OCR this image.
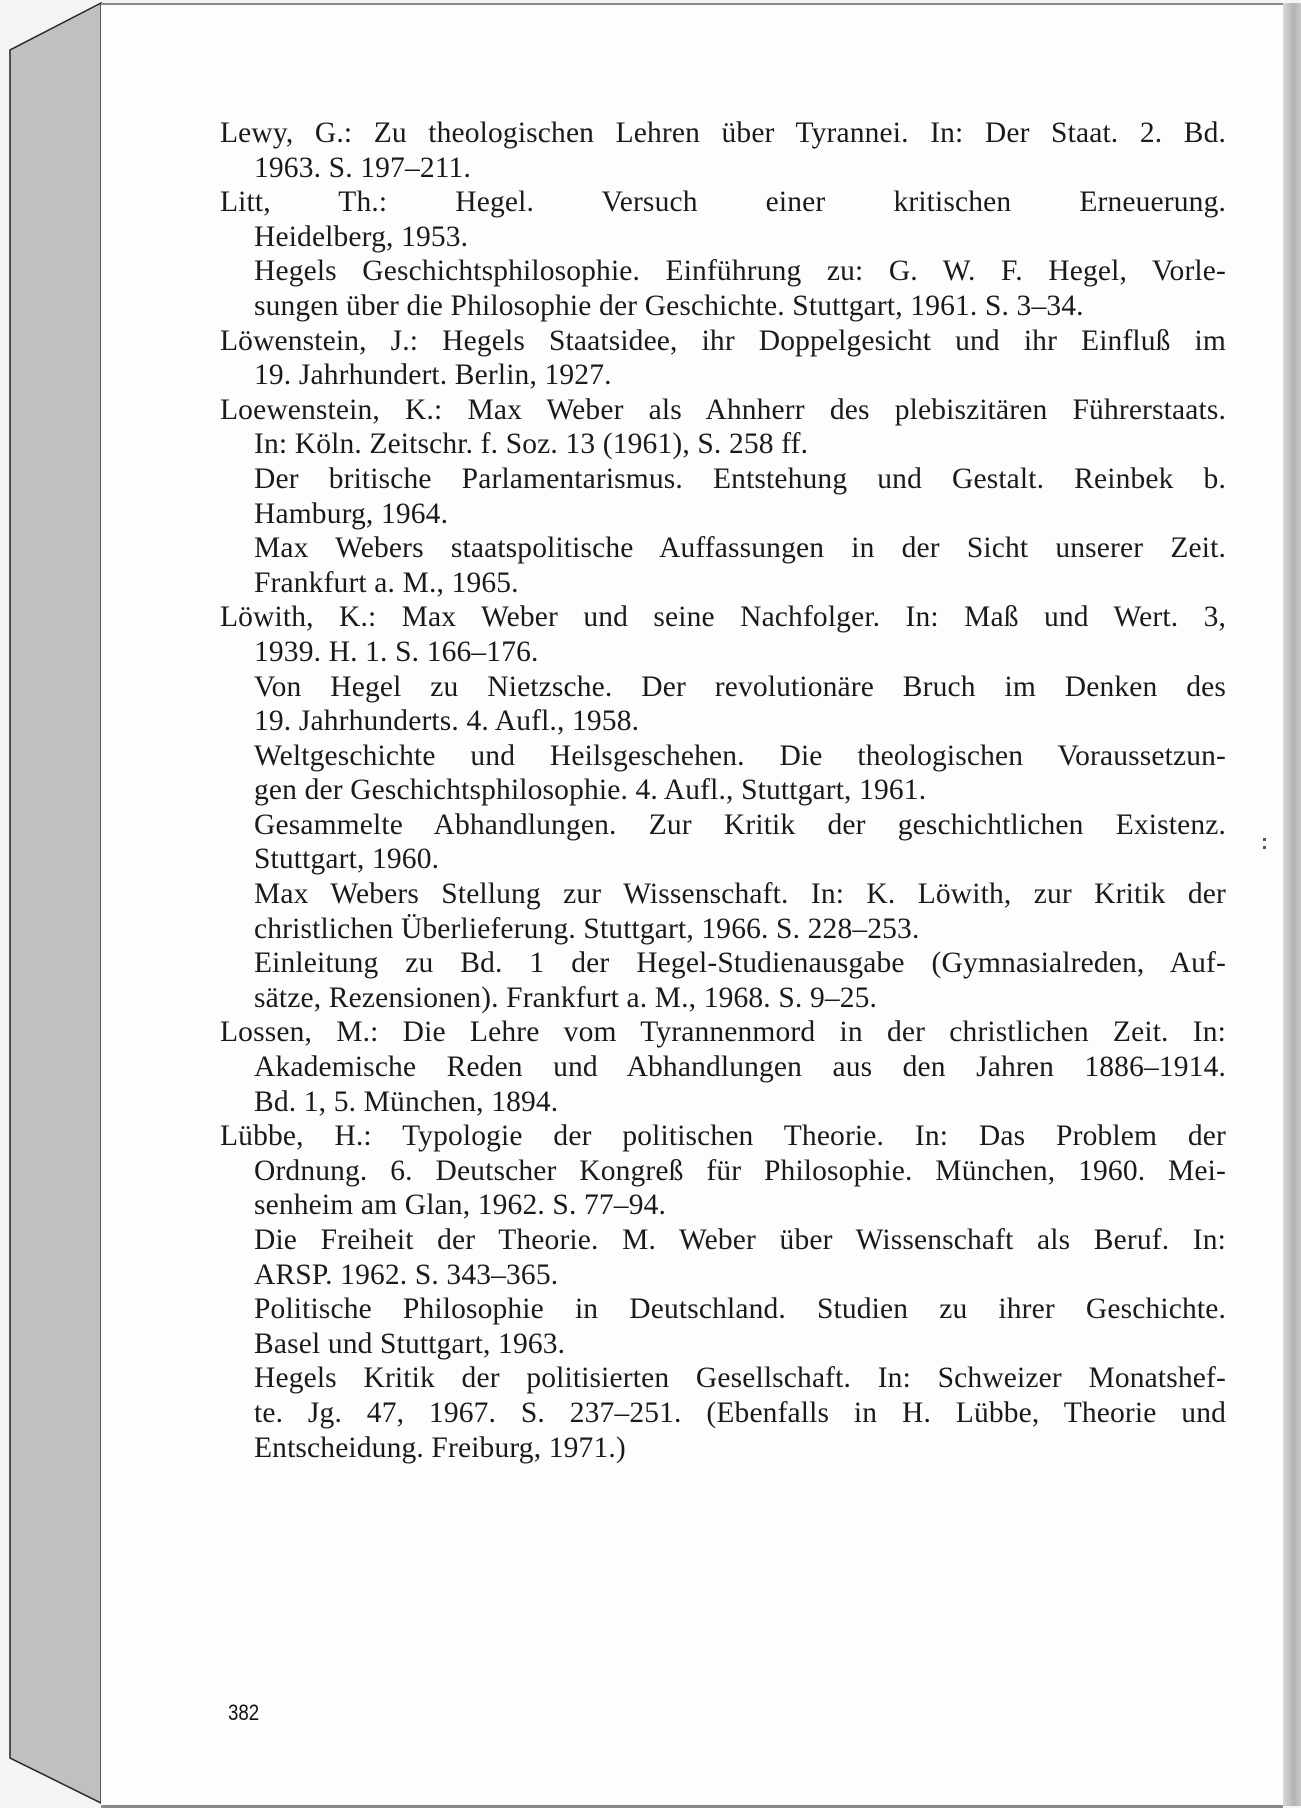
Lewy, G.: Zu theologischen Lehren über Tyrannei. In: Der Staat. 2. Bd.
1963. S. 197–211.
Litt, Th.: Hegel. Versuch einer kritischen Erneuerung.
Heidelberg, 1953.
Hegels Geschichtsphilosophie. Einführung zu: G. W. F. Hegel, Vorle-
sungen über die Philosophie der Geschichte. Stuttgart, 1961. S. 3–34.
Löwenstein, J.: Hegels Staatsidee, ihr Doppelgesicht und ihr Einfluß im
19. Jahrhundert. Berlin, 1927.
Loewenstein, K.: Max Weber als Ahnherr des plebiszitären Führerstaats.
In: Köln. Zeitschr. f. Soz. 13 (1961), S. 258 ff.
Der britische Parlamentarismus. Entstehung und Gestalt. Reinbek b.
Hamburg, 1964.
Max Webers staatspolitische Auffassungen in der Sicht unserer Zeit.
Frankfurt a. M., 1965.
Löwith, K.: Max Weber und seine Nachfolger. In: Maß und Wert. 3,
1939. H. 1. S. 166–176.
Von Hegel zu Nietzsche. Der revolutionäre Bruch im Denken des
19. Jahrhunderts. 4. Aufl., 1958.
Weltgeschichte und Heilsgeschehen. Die theologischen Voraussetzun-
gen der Geschichtsphilosophie. 4. Aufl., Stuttgart, 1961.
Gesammelte Abhandlungen. Zur Kritik der geschichtlichen Existenz.
Stuttgart, 1960.
Max Webers Stellung zur Wissenschaft. In: K. Löwith, zur Kritik der
christlichen Überlieferung. Stuttgart, 1966. S. 228–253.
Einleitung zu Bd. 1 der Hegel-Studienausgabe (Gymnasialreden, Auf-
sätze, Rezensionen). Frankfurt a. M., 1968. S. 9–25.
Lossen, M.: Die Lehre vom Tyrannenmord in der christlichen Zeit. In:
Akademische Reden und Abhandlungen aus den Jahren 1886–1914.
Bd. 1, 5. München, 1894.
Lübbe, H.: Typologie der politischen Theorie. In: Das Problem der
Ordnung. 6. Deutscher Kongreß für Philosophie. München, 1960. Mei-
senheim am Glan, 1962. S. 77–94.
Die Freiheit der Theorie. M. Weber über Wissenschaft als Beruf. In:
ARSP. 1962. S. 343–365.
Politische Philosophie in Deutschland. Studien zu ihrer Geschichte.
Basel und Stuttgart, 1963.
Hegels Kritik der politisierten Gesellschaft. In: Schweizer Monatshef-
te. Jg. 47, 1967. S. 237–251. (Ebenfalls in H. Lübbe, Theorie und
Entscheidung. Freiburg, 1971.)
382
